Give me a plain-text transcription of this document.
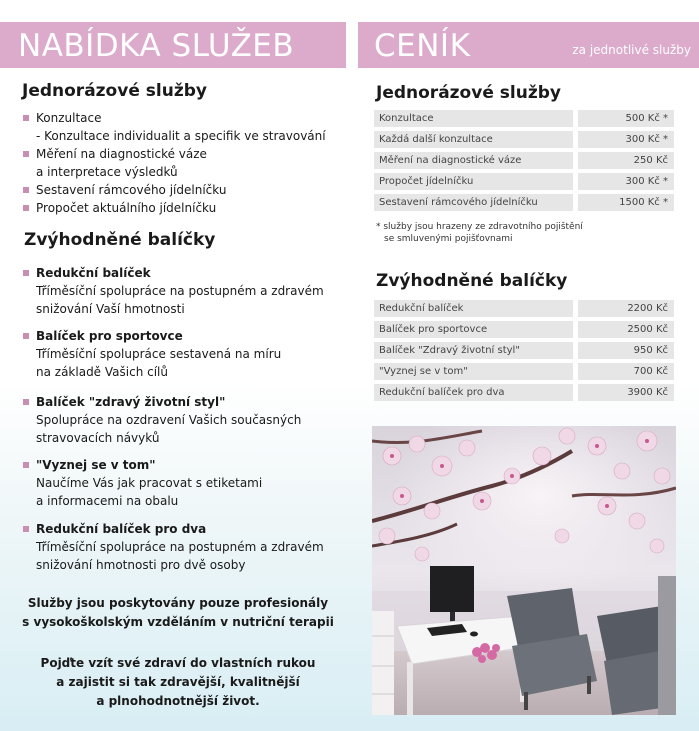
NABÍDKA SLUŽEB	CENÍK	za jednotlivé služby
Jednorázové služby
Konzultace
- Konzultace individualit a specifik ve stravování
Měření na diagnostické váze
a interpretace výsledků
Sestavení rámcového jídelníčku
Propočet aktuálního jídelníčku
Zvýhodněné balíčky
Redukční balíček
Tříměsíční spolupráce na postupném a zdravém
snižování Vaší hmotnosti
Balíček pro sportovce
Tříměsíční spolupráce sestavená na míru
na základě Vašich cílů
Balíček "zdravý životní styl"
Spolupráce na ozdravení Vašich současných
stravovacích návyků
"Vyznej se v tom"
Naučíme Vás jak pracovat s etiketami
a informacemi na obalu
Redukční balíček pro dva
Tříměsíční spolupráce na postupném a zdravém
snižování hmotnosti pro dvě osoby
Služby jsou poskytovány pouze profesionály
s vysokoškolským vzděláním v nutriční terapii
Pojďte vzít své zdraví do vlastních rukou
a zajistit si tak zdravější, kvalitnější
a plnohodnotnější život.
Jednorázové služby
Konzultace	500 Kč *
Každá další konzultace	300 Kč *
Měření na diagnostické váze	250 Kč
Propočet jídelníčku	300 Kč *
Sestavení rámcového jídelníčku	1500 Kč *
* služby jsou hrazeny ze zdravotního pojištění
se smluvenými pojišťovnami
Zvýhodněné balíčky
Redukční balíček	2200 Kč
Balíček pro sportovce	2500 Kč
Balíček "Zdravý životní styl"	950 Kč
"Vyznej se v tom"	700 Kč
Redukční balíček pro dva	3900 Kč
